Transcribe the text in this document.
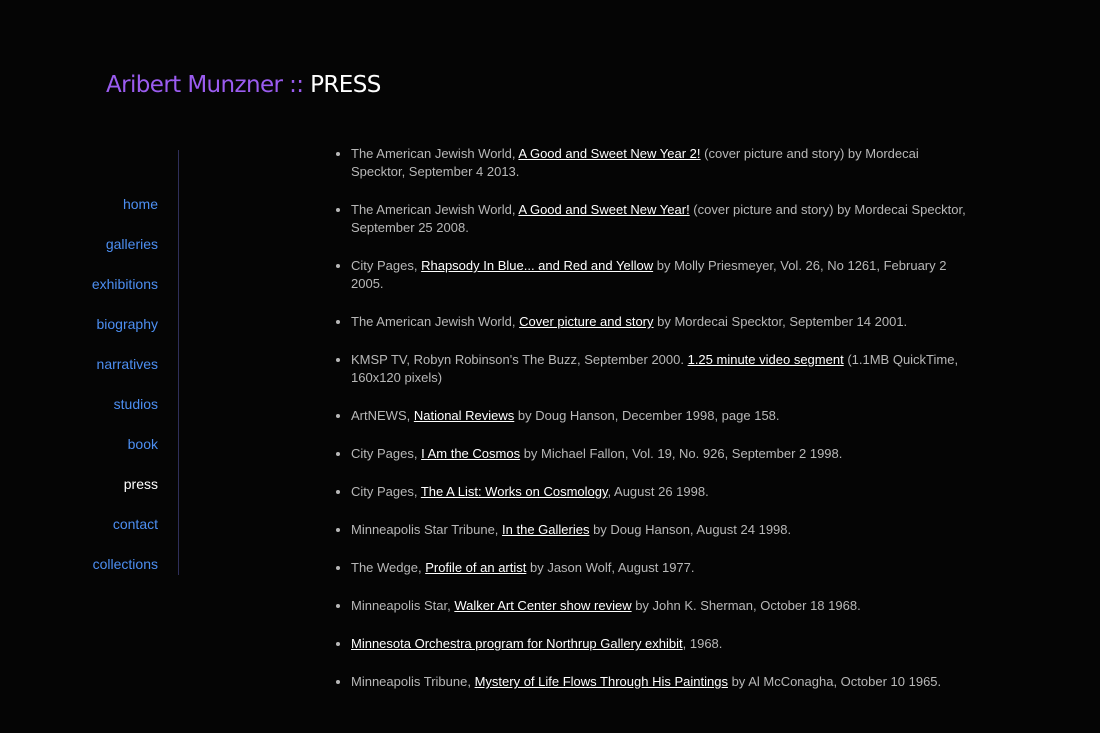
Aribert Munzner :: PRESS
home
galleries
exhibitions
biography
narratives
studios
book
press
contact
collections
• The American Jewish World, A Good and Sweet New Year 2! (cover picture and story) by Mordecai Specktor, September 4 2013.
• The American Jewish World, A Good and Sweet New Year! (cover picture and story) by Mordecai Specktor, September 25 2008.
• City Pages, Rhapsody In Blue... and Red and Yellow by Molly Priesmeyer, Vol. 26, No 1261, February 2 2005.
• The American Jewish World, Cover picture and story by Mordecai Specktor, September 14 2001.
• KMSP TV, Robyn Robinson's The Buzz, September 2000. 1.25 minute video segment (1.1MB QuickTime, 160x120 pixels)
• ArtNEWS, National Reviews by Doug Hanson, December 1998, page 158.
• City Pages, I Am the Cosmos by Michael Fallon, Vol. 19, No. 926, September 2 1998.
• City Pages, The A List: Works on Cosmology, August 26 1998.
• Minneapolis Star Tribune, In the Galleries by Doug Hanson, August 24 1998.
• The Wedge, Profile of an artist by Jason Wolf, August 1977.
• Minneapolis Star, Walker Art Center show review by John K. Sherman, October 18 1968.
• Minnesota Orchestra program for Northrup Gallery exhibit, 1968.
• Minneapolis Tribune, Mystery of Life Flows Through His Paintings by Al McConagha, October 10 1965.
